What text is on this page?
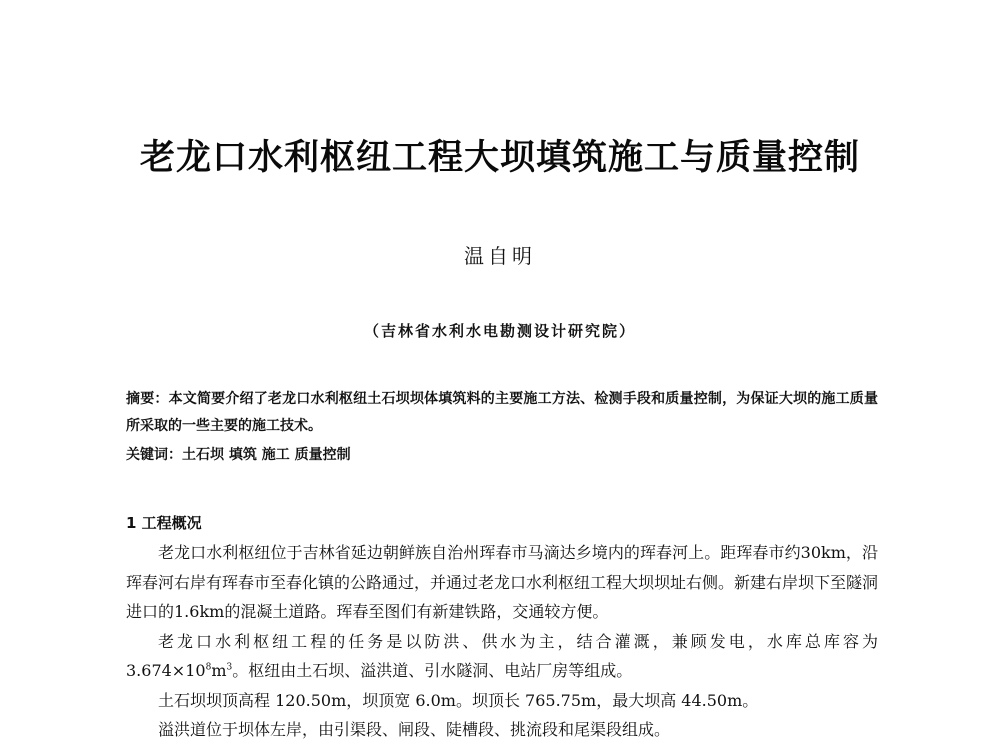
老龙口水利枢纽工程大坝填筑施工与质量控制
温自明
（吉林省水利水电勘测设计研究院）
摘要：本文简要介绍了老龙口水利枢纽土石坝坝体填筑料的主要施工方法、检测手段和质量控制，为保证大坝的施工质量所采取的一些主要的施工技术。
关键词：土石坝 填筑 施工 质量控制
1 工程概况

老龙口水利枢纽位于吉林省延边朝鲜族自治州珲春市马滴达乡境内的珲春河上。距珲春市约30km，沿珲春河右岸有珲春市至春化镇的公路通过，并通过老龙口水利枢纽工程大坝坝址右侧。新建右岸坝下至隧洞进口的1.6km的混凝土道路。珲春至图们有新建铁路，交通较方便。

老龙口水利枢纽工程的任务是以防洪、供水为主，结合灌溉，兼顾发电，水库总库容为 $3.674\times 10^8m^3$。枢纽由土石坝、溢洪道、引水隧洞、电站厂房等组成。

土石坝坝顶高程 120.50m，坝顶宽 6.0m。坝顶长 765.75m，最大坝高 44.50m。

溢洪道位于坝体左岸，由引渠段、闸段、陡槽段、挑流段和尾渠段组成。
